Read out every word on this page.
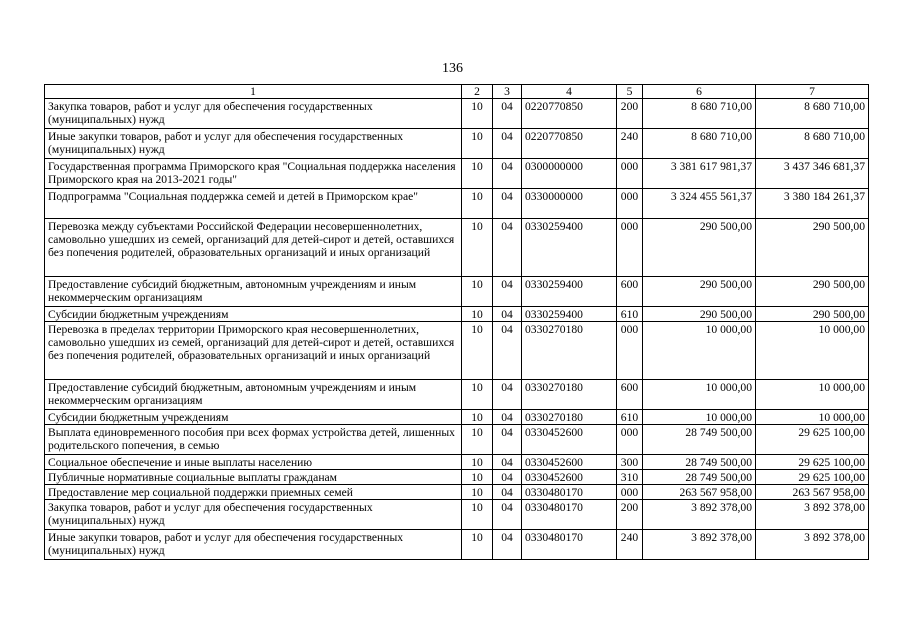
136
1	2	3	4	5	6	7
Закупка товаров, работ и услуг для обеспечения государственных (муниципальных) нужд	10	04	0220770850	200	8 680 710,00	8 680 710,00
Иные закупки товаров, работ и услуг для обеспечения государственных (муниципальных) нужд	10	04	0220770850	240	8 680 710,00	8 680 710,00
Государственная программа Приморского края "Социальная поддержка населения Приморского края на 2013-2021 годы"	10	04	0300000000	000	3 381 617 981,37	3 437 346 681,37
Подпрограмма "Социальная поддержка семей и детей в Приморском крае"	10	04	0330000000	000	3 324 455 561,37	3 380 184 261,37
Перевозка между субъектами Российской Федерации несовершеннолетних, самовольно ушедших из семей, организаций для детей-сирот и детей, оставшихся без попечения родителей, образовательных организаций и иных организаций	10	04	0330259400	000	290 500,00	290 500,00
Предоставление субсидий бюджетным, автономным учреждениям и иным некоммерческим организациям	10	04	0330259400	600	290 500,00	290 500,00
Субсидии бюджетным учреждениям	10	04	0330259400	610	290 500,00	290 500,00
Перевозка в пределах территории Приморского края несовершеннолетних, самовольно ушедших из семей, организаций для детей-сирот и детей, оставшихся без попечения родителей, образовательных организаций и иных организаций	10	04	0330270180	000	10 000,00	10 000,00
Предоставление субсидий бюджетным, автономным учреждениям и иным некоммерческим организациям	10	04	0330270180	600	10 000,00	10 000,00
Субсидии бюджетным учреждениям	10	04	0330270180	610	10 000,00	10 000,00
Выплата единовременного пособия при всех формах устройства детей, лишенных родительского попечения, в семью	10	04	0330452600	000	28 749 500,00	29 625 100,00
Социальное обеспечение и иные выплаты населению	10	04	0330452600	300	28 749 500,00	29 625 100,00
Публичные нормативные социальные выплаты гражданам	10	04	0330452600	310	28 749 500,00	29 625 100,00
Предоставление мер социальной поддержки приемных семей	10	04	0330480170	000	263 567 958,00	263 567 958,00
Закупка товаров, работ и услуг для обеспечения государственных (муниципальных) нужд	10	04	0330480170	200	3 892 378,00	3 892 378,00
Иные закупки товаров, работ и услуг для обеспечения государственных (муниципальных) нужд	10	04	0330480170	240	3 892 378,00	3 892 378,00
